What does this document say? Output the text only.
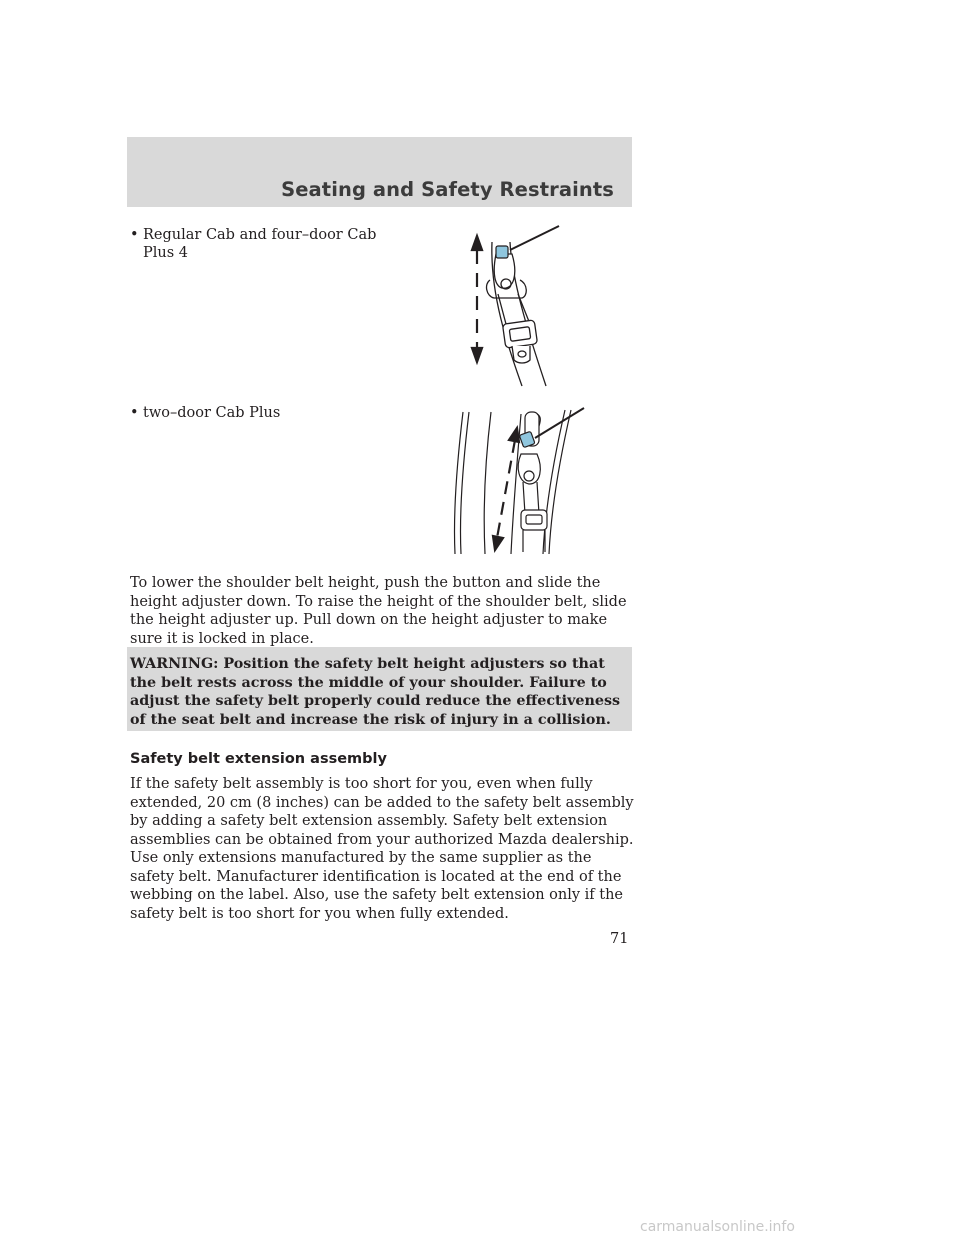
Seating and Safety Restraints
• Regular Cab and four–door Cab Plus 4
• two–door Cab Plus
To lower the shoulder belt height, push the button and slide the height adjuster down. To raise the height of the shoulder belt, slide the height adjuster up. Pull down on the height adjuster to make sure it is locked in place.
WARNING: Position the safety belt height adjusters so that the belt rests across the middle of your shoulder. Failure to adjust the safety belt properly could reduce the effectiveness of the seat belt and increase the risk of injury in a collision.
Safety belt extension assembly
If the safety belt assembly is too short for you, even when fully extended, 20 cm (8 inches) can be added to the safety belt assembly by adding a safety belt extension assembly. Safety belt extension assemblies can be obtained from your authorized Mazda dealership.
Use only extensions manufactured by the same supplier as the safety belt. Manufacturer identification is located at the end of the webbing on the label. Also, use the safety belt extension only if the safety belt is too short for you when fully extended.
71
carmanualsonline.info
